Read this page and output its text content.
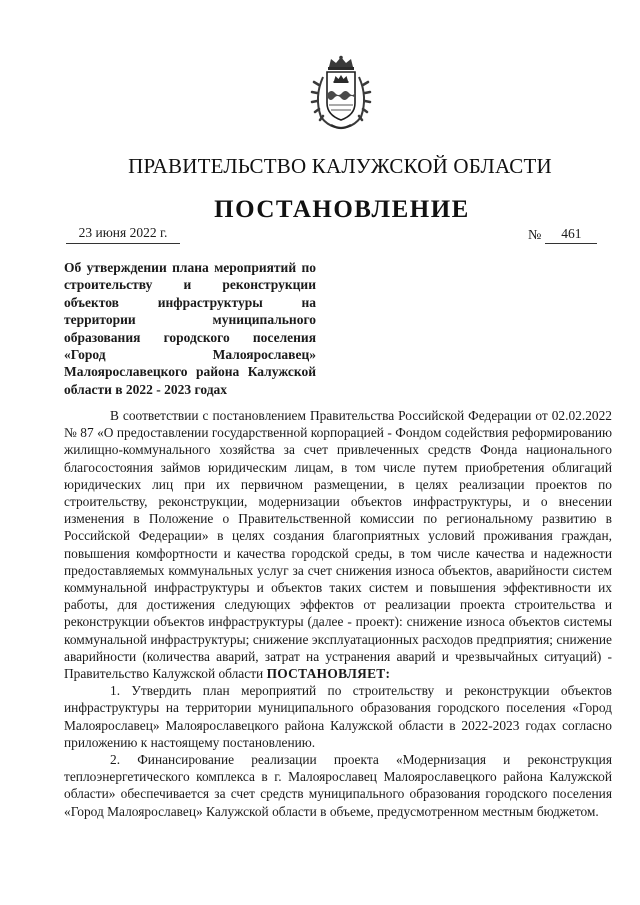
ПРАВИТЕЛЬСТВО КАЛУЖСКОЙ ОБЛАСТИ
ПОСТАНОВЛЕНИЕ
23 июня 2022 г.	№	461

Об утверждении плана мероприятий по строительству и реконструкции объектов инфраструктуры на территории муниципального образования городского поселения «Город Малоярославец» Малоярославецкого района Калужской области в 2022 - 2023 годах

В соответствии с постановлением Правительства Российской Федерации от 02.02.2022 № 87 «О предоставлении государственной корпорацией - Фондом содействия реформированию жилищно-коммунального хозяйства за счет привлеченных средств Фонда национального благосостояния займов юридическим лицам, в том числе путем приобретения облигаций юридических лиц при их первичном размещении, в целях реализации проектов по строительству, реконструкции, модернизации объектов инфраструктуры, и о внесении изменения в Положение о Правительственной комиссии по региональному развитию в Российской Федерации» в целях создания благоприятных условий проживания граждан, повышения комфортности и качества городской среды, в том числе качества и надежности предоставляемых коммунальных услуг за счет снижения износа объектов, аварийности систем коммунальной инфраструктуры и объектов таких систем и повышения эффективности их работы, для достижения следующих эффектов от реализации проекта строительства и реконструкции объектов инфраструктуры (далее - проект): снижение износа объектов системы коммунальной инфраструктуры; снижение эксплуатационных расходов предприятия; снижение аварийности (количества аварий, затрат на устранения аварий и чрезвычайных ситуаций) - Правительство Калужской области ПОСТАНОВЛЯЕТ:

1. Утвердить план мероприятий по строительству и реконструкции объектов инфраструктуры на территории муниципального образования городского поселения «Город Малоярославец» Малоярославецкого района Калужской области в 2022-2023 годах согласно приложению к настоящему постановлению.

2. Финансирование реализации проекта «Модернизация и реконструкция теплоэнергетического комплекса в г. Малоярославец Малоярославецкого района Калужской области» обеспечивается за счет средств муниципального образования городского поселения «Город Малоярославец» Калужской области в объеме, предусмотренном местным бюджетом.
